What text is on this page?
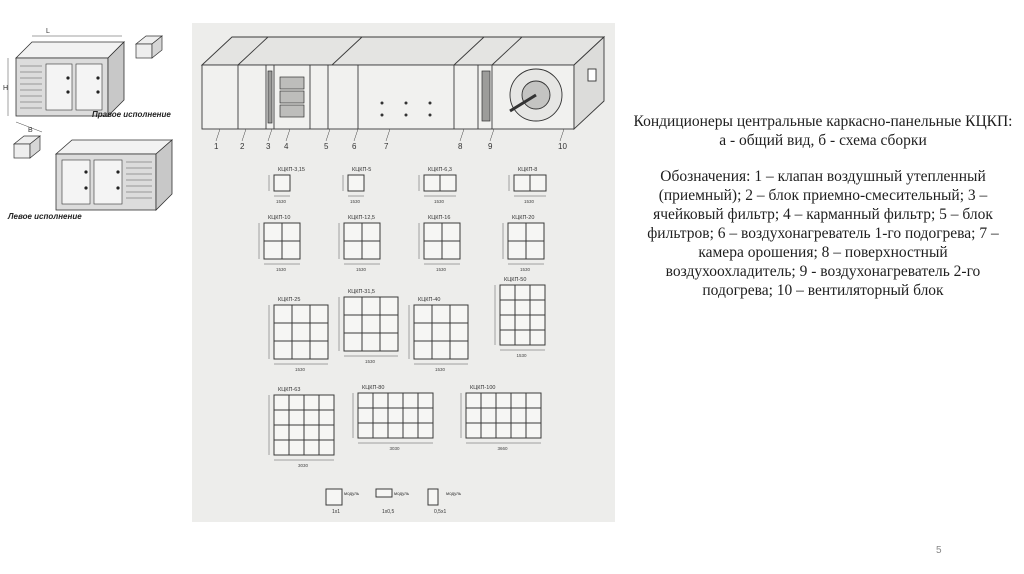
L
H
B
Правое исполнение
Левое исполнение
1	2	3 4	5	6	7	8	9	10
КЦКП-3,15
1530
КЦКП-5
1530
КЦКП-6,3
1530
КЦКП-8
1530
КЦКП-10
1530
КЦКП-12,5
1530
КЦКП-16
1530
КЦКП-20
1530
КЦКП-25
1530
КЦКП-31,5
1530
КЦКП-40
1530
КЦКП-50
1530
КЦКП-63
3030
КЦКП-80
3030
КЦКП-100
3660
модуль
1x1
модуль
1x0,5
модуль
0,5x1

Кондиционеры центральные каркасно-панельные КЦКП: а - общий вид, б - схема сборки

Обозначения: 1 – клапан воздушный утепленный (приемный); 2 – блок приемно-смесительный; 3 – ячейковый фильтр; 4 – карманный фильтр; 5 – блок фильтров; 6 – воздухонагреватель 1-го подогрева; 7 – камера орошения; 8 – поверхностный воздухоохладитель; 9 - воздухонагреватель 2-го подогрева; 10 – вентиляторный блок

5
